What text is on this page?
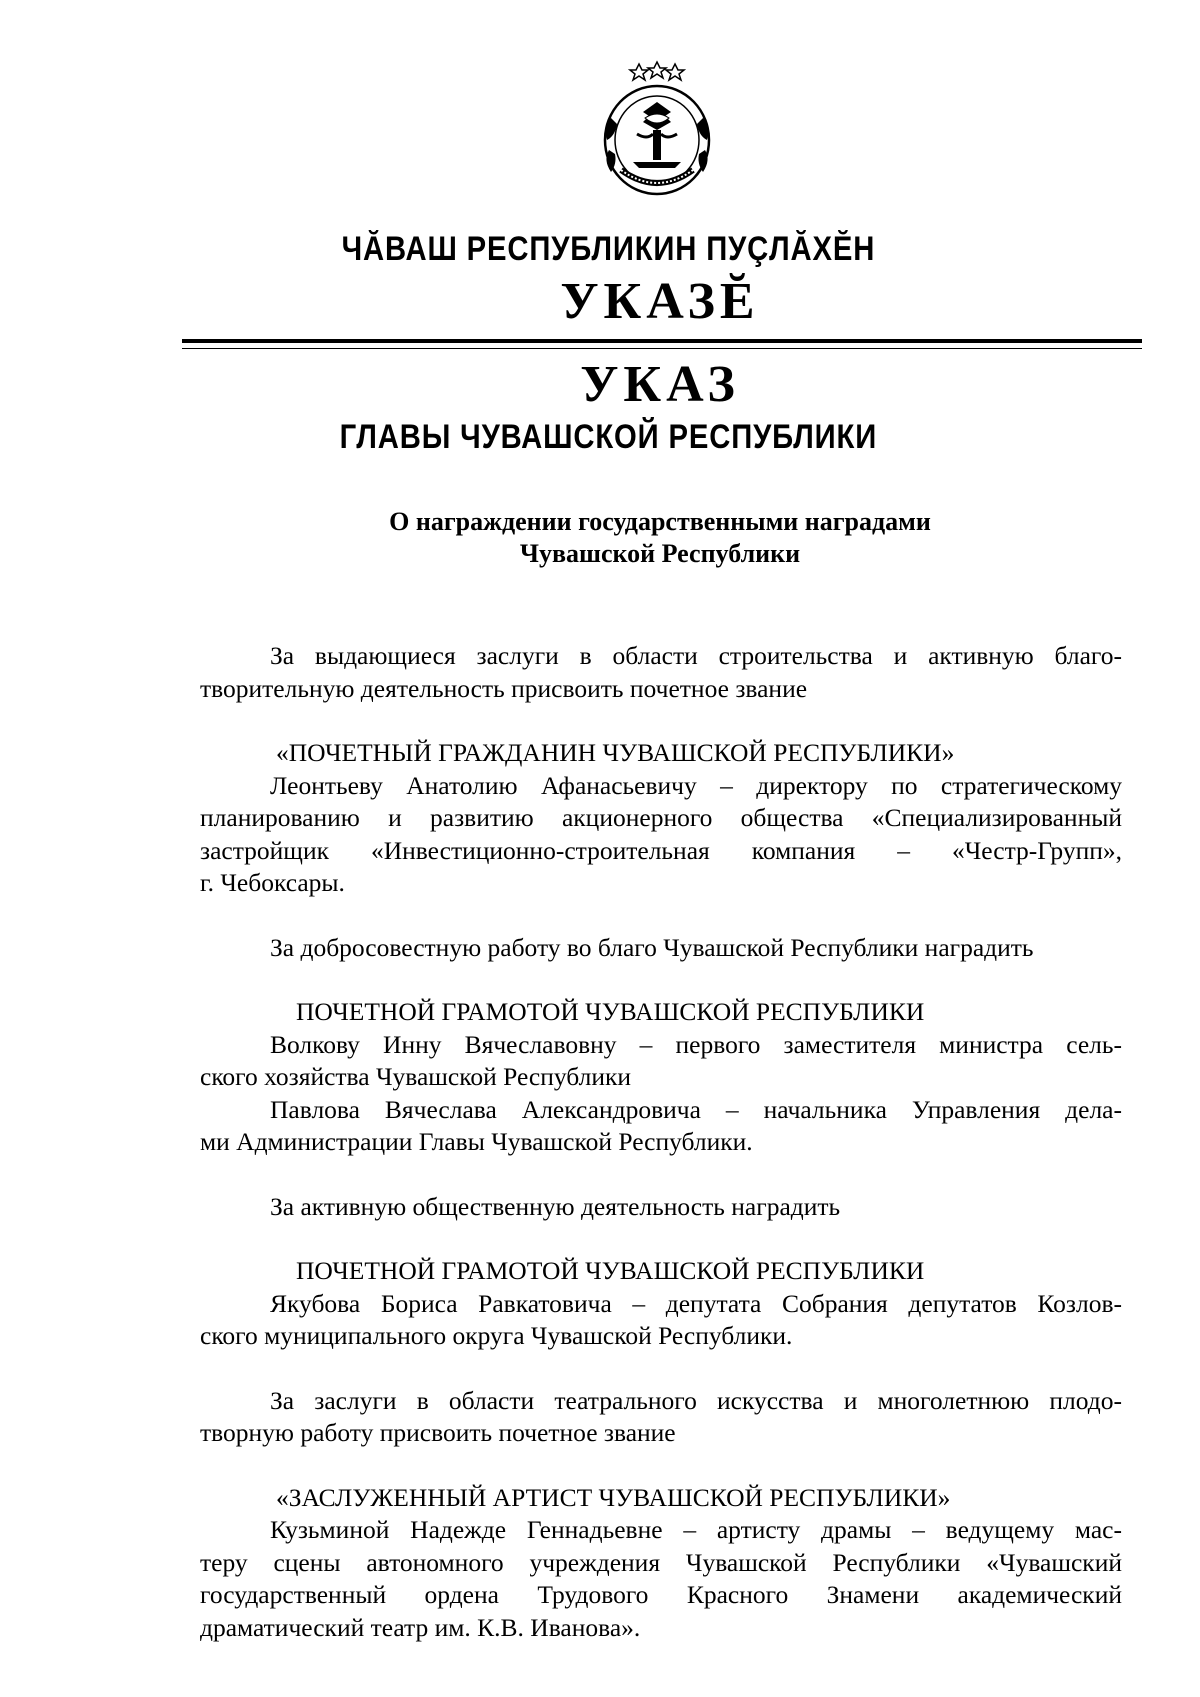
ЧĂВАШ РЕСПУБЛИКИН ПУÇЛĂХĔН
УКАЗĔ
УКАЗ
ГЛАВЫ ЧУВАШСКОЙ РЕСПУБЛИКИ
О награждении государственными наградами
Чувашской Республики

За выдающиеся заслуги в области строительства и активную благо-

творительную деятельность присвоить почетное звание

«ПОЧЕТНЫЙ ГРАЖДАНИН ЧУВАШСКОЙ РЕСПУБЛИКИ»

Леонтьеву Анатолию Афанасьевичу – директору по стратегическому

планированию и развитию акционерного общества «Специализированный

застройщик «Инвестиционно-строительная компания – «Честр-Групп»,

г. Чебоксары.

За добросовестную работу во благо Чувашской Республики наградить

ПОЧЕТНОЙ ГРАМОТОЙ ЧУВАШСКОЙ РЕСПУБЛИКИ

Волкову Инну Вячеславовну – первого заместителя министра сель-

ского хозяйства Чувашской Республики

Павлова Вячеслава Александровича – начальника Управления дела-

ми Администрации Главы Чувашской Республики.

За активную общественную деятельность наградить

ПОЧЕТНОЙ ГРАМОТОЙ ЧУВАШСКОЙ РЕСПУБЛИКИ

Якубова Бориса Равкатовича – депутата Собрания депутатов Козлов-

ского муниципального округа Чувашской Республики.

За заслуги в области театрального искусства и многолетнюю плодо-

творную работу присвоить почетное звание

«ЗАСЛУЖЕННЫЙ АРТИСТ ЧУВАШСКОЙ РЕСПУБЛИКИ»

Кузьминой Надежде Геннадьевне – артисту драмы – ведущему мас-

теру сцены автономного учреждения Чувашской Республики «Чувашский

государственный ордена Трудового Красного Знамени академический

драматический театр им. К.В. Иванова».
